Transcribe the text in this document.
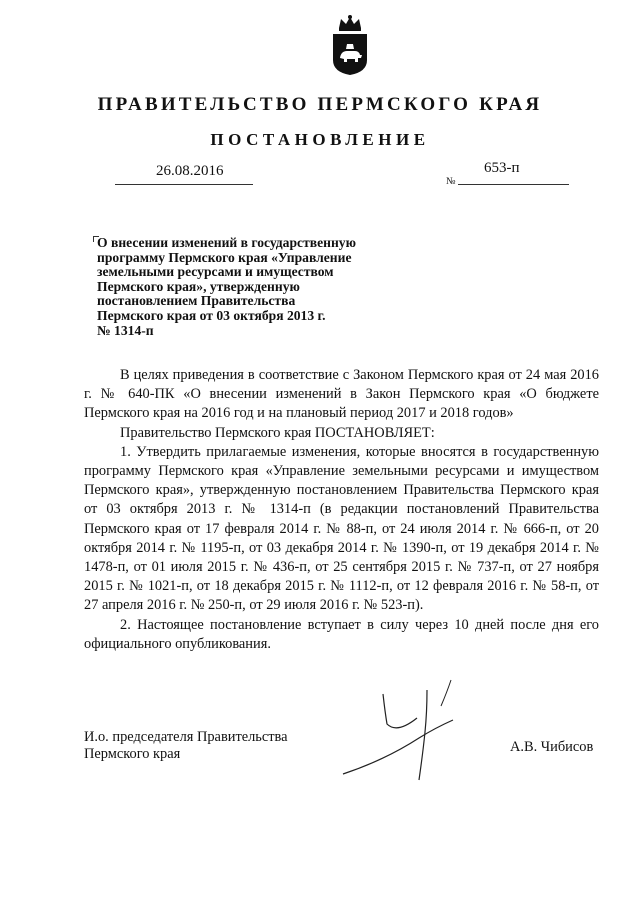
ПРАВИТЕЛЬСТВО ПЕРМСКОГО КРАЯ
ПОСТАНОВЛЕНИЕ
26.08.2016	653-п
№
О внесении изменений в государственную
программу Пермского края «Управление
земельными ресурсами и имуществом
Пермского края», утвержденную
постановлением Правительства
Пермского края от 03 октября 2013 г.
№ 1314-п

В целях приведения в соответствие с Законом Пермского края от 24 мая 2016 г. № 640-ПК «О внесении изменений в Закон Пермского края «О бюджете Пермского края на 2016 год и на плановый период 2017 и 2018 годов»

Правительство Пермского края ПОСТАНОВЛЯЕТ:

1. Утвердить прилагаемые изменения, которые вносятся в государственную программу Пермского края «Управление земельными ресурсами и имуществом Пермского края», утвержденную постановлением Правительства Пермского края от 03 октября 2013 г. № 1314-п (в редакции постановлений Правительства Пермского края от 17 февраля 2014 г. № 88-п, от 24 июля 2014 г. № 666-п, от 20 октября 2014 г. № 1195-п, от 03 декабря 2014 г. № 1390-п, от 19 декабря 2014 г. № 1478-п, от 01 июля 2015 г. № 436-п, от 25 сентября 2015 г. № 737-п, от 27 ноября 2015 г. № 1021-п, от 18 декабря 2015 г. № 1112-п, от 12 февраля 2016 г. № 58-п, от 27 апреля 2016 г. № 250-п, от 29 июля 2016 г. № 523-п).

2. Настоящее постановление вступает в силу через 10 дней после дня его официального опубликования.

И.о. председателя Правительства
Пермского края	А.В. Чибисов
